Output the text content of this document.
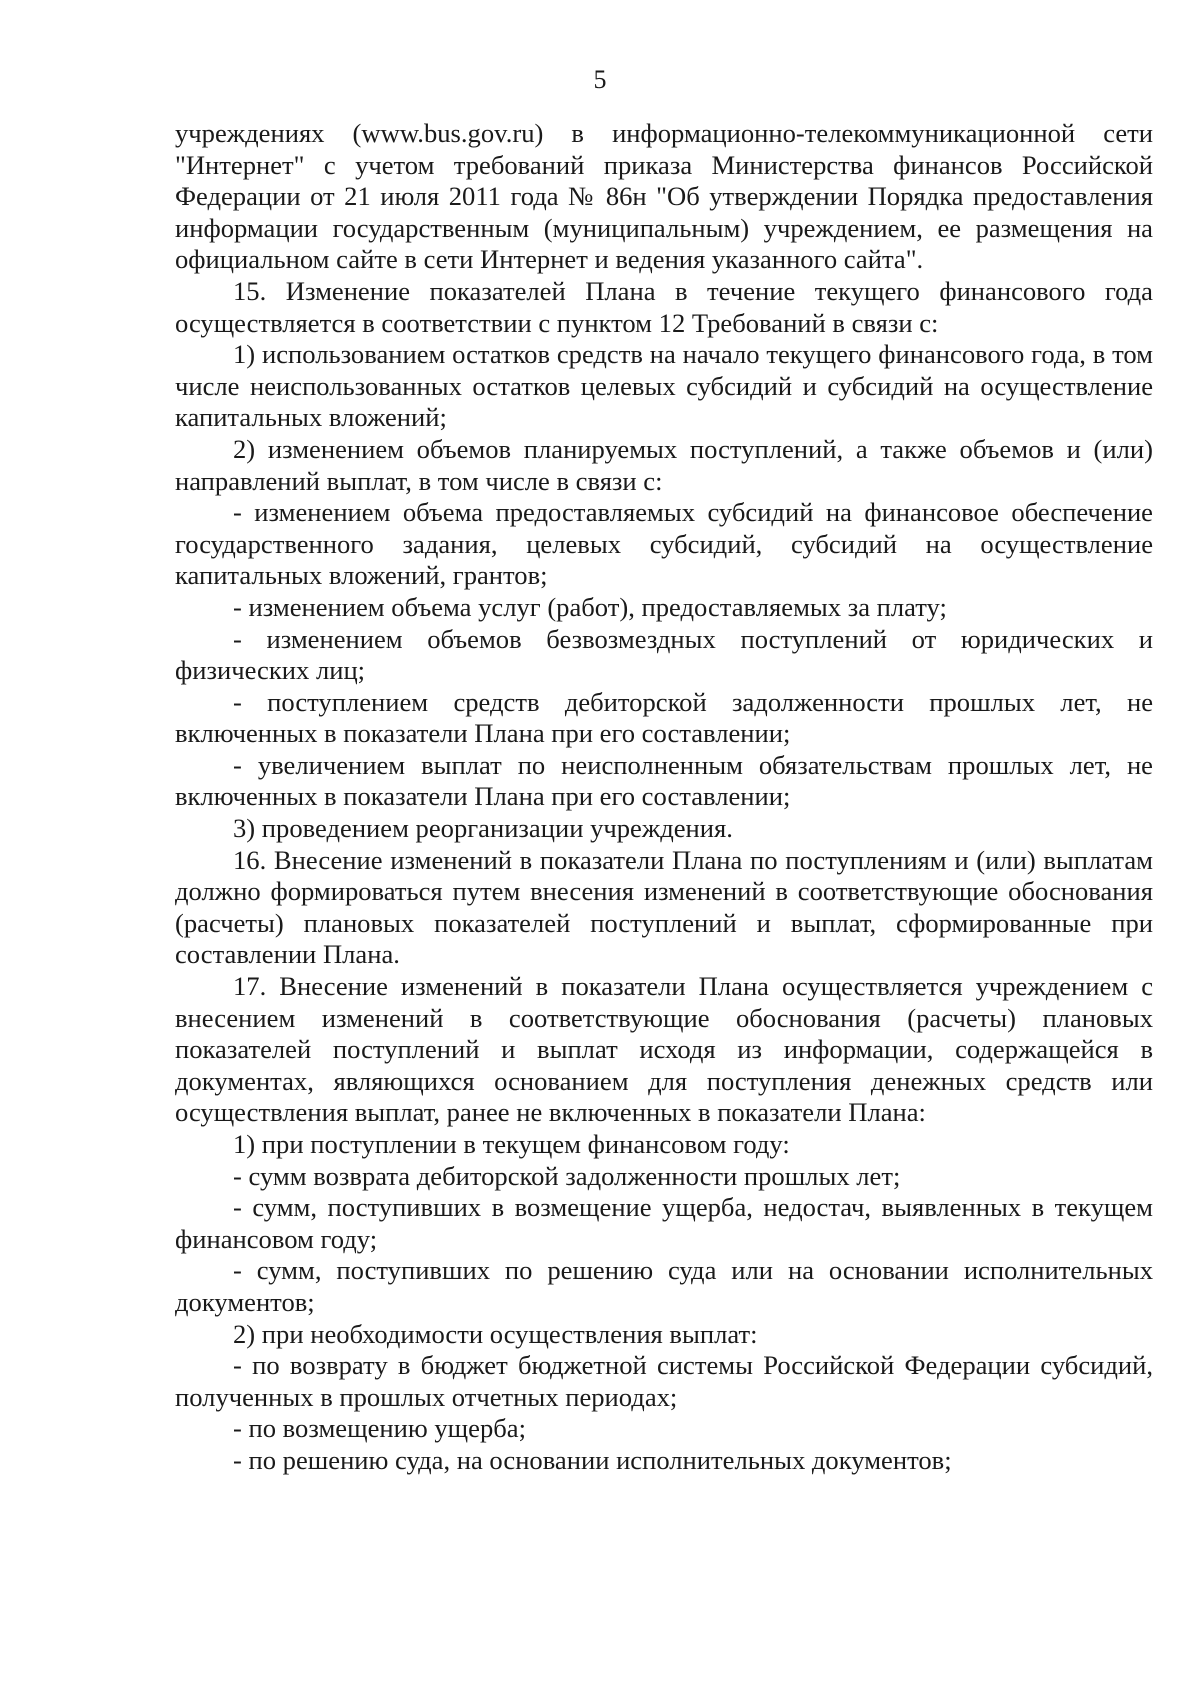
5

учреждениях (www.bus.gov.ru) в информационно-телекоммуникационной сети "Интернет" с учетом требований приказа Министерства финансов Российской Федерации от 21 июля 2011 года № 86н "Об утверждении Порядка предоставления информации государственным (муниципальным) учреждением, ее размещения на официальном сайте в сети Интернет и ведения указанного сайта".

15. Изменение показателей Плана в течение текущего финансового года осуществляется в соответствии с пунктом 12 Требований в связи с:

1) использованием остатков средств на начало текущего финансового года, в том числе неиспользованных остатков целевых субсидий и субсидий на осуществление капитальных вложений;

2) изменением объемов планируемых поступлений, а также объемов и (или) направлений выплат, в том числе в связи с:

- изменением объема предоставляемых субсидий на финансовое обеспечение государственного задания, целевых субсидий, субсидий на осуществление капитальных вложений, грантов;

- изменением объема услуг (работ), предоставляемых за плату;

- изменением объемов безвозмездных поступлений от юридических и физических лиц;

- поступлением средств дебиторской задолженности прошлых лет, не включенных в показатели Плана при его составлении;

- увеличением выплат по неисполненным обязательствам прошлых лет, не включенных в показатели Плана при его составлении;

3) проведением реорганизации учреждения.

16. Внесение изменений в показатели Плана по поступлениям и (или) выплатам должно формироваться путем внесения изменений в соответствующие обоснования (расчеты) плановых показателей поступлений и выплат, сформированные при составлении Плана.

17. Внесение изменений в показатели Плана осуществляется учреждением с внесением изменений в соответствующие обоснования (расчеты) плановых показателей поступлений и выплат исходя из информации, содержащейся в документах, являющихся основанием для поступления денежных средств или осуществления выплат, ранее не включенных в показатели Плана:

1) при поступлении в текущем финансовом году:

- сумм возврата дебиторской задолженности прошлых лет;

- сумм, поступивших в возмещение ущерба, недостач, выявленных в текущем финансовом году;

- сумм, поступивших по решению суда или на основании исполнительных документов;

2) при необходимости осуществления выплат:

- по возврату в бюджет бюджетной системы Российской Федерации субсидий, полученных в прошлых отчетных периодах;

- по возмещению ущерба;

- по решению суда, на основании исполнительных документов;
